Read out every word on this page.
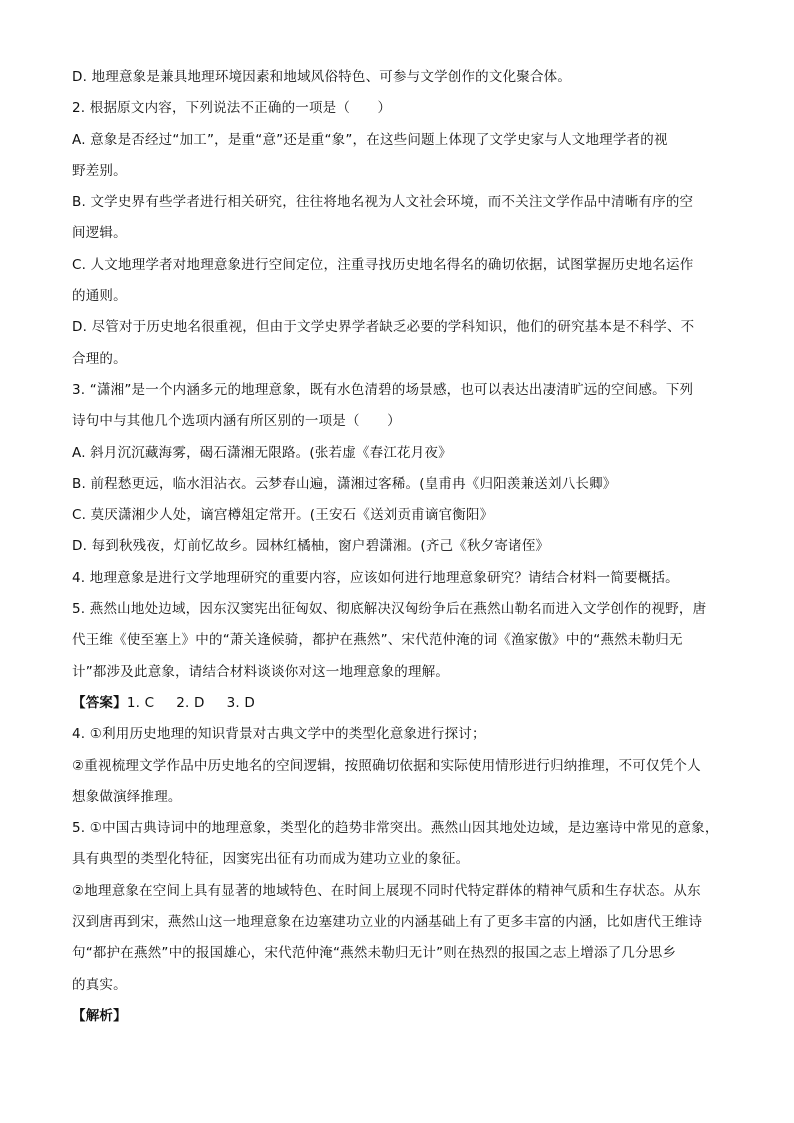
D. 地理意象是兼具地理环境因素和地域风俗特色、可参与文学创作的文化聚合体。
2. 根据原文内容，下列说法不正确的一项是（　　）
A. 意象是否经过“加工”，是重“意”还是重“象”，在这些问题上体现了文学史家与人文地理学者的视
野差别。
B. 文学史界有些学者进行相关研究，往往将地名视为人文社会环境，而不关注文学作品中清晰有序的空
间逻辑。
C. 人文地理学者对地理意象进行空间定位，注重寻找历史地名得名的确切依据，试图掌握历史地名运作
的通则。
D. 尽管对于历史地名很重视，但由于文学史界学者缺乏必要的学科知识，他们的研究基本是不科学、不
合理的。
3. “潇湘”是一个内涵多元的地理意象，既有水色清碧的场景感，也可以表达出凄清旷远的空间感。下列
诗句中与其他几个选项内涵有所区别的一项是（　　）
A. 斜月沉沉藏海雾，碣石潇湘无限路。(张若虚《春江花月夜》
B. 前程愁更远，临水泪沾衣。云梦春山遍，潇湘过客稀。(皇甫冉《归阳羡兼送刘八长卿》
C. 莫厌潇湘少人处，谪宫樽俎定常开。(王安石《送刘贡甫谪官衡阳》
D. 每到秋残夜，灯前忆故乡。园林红橘柚，窗户碧潇湘。(齐己《秋夕寄诸侄》
4. 地理意象是进行文学地理研究的重要内容，应该如何进行地理意象研究？请结合材料一简要概括。
5. 燕然山地处边域，因东汉窦宪出征匈奴、彻底解决汉匈纷争后在燕然山勒名而进入文学创作的视野，唐
代王维《使至塞上》中的“萧关逢候骑，都护在燕然”、宋代范仲淹的词《渔家傲》中的“燕然未勒归无
计”都涉及此意象，请结合材料谈谈你对这一地理意象的理解。
【答案】1. C 2. D 3. D
4. ①利用历史地理的知识背景对古典文学中的类型化意象进行探讨；
②重视梳理文学作品中历史地名的空间逻辑，按照确切依据和实际使用情形进行归纳推理，不可仅凭个人
想象做演绎推理。
5. ①中国古典诗词中的地理意象，类型化的趋势非常突出。燕然山因其地处边域，是边塞诗中常见的意象，
具有典型的类型化特征，因窦宪出征有功而成为建功立业的象征。
②地理意象在空间上具有显著的地域特色、在时间上展现不同时代特定群体的精神气质和生存状态。从东
汉到唐再到宋，燕然山这一地理意象在边塞建功立业的内涵基础上有了更多丰富的内涵，比如唐代王维诗
句“都护在燕然”中的报国雄心，宋代范仲淹“燕然未勒归无计”则在热烈的报国之志上增添了几分思乡
的真实。
【解析】
